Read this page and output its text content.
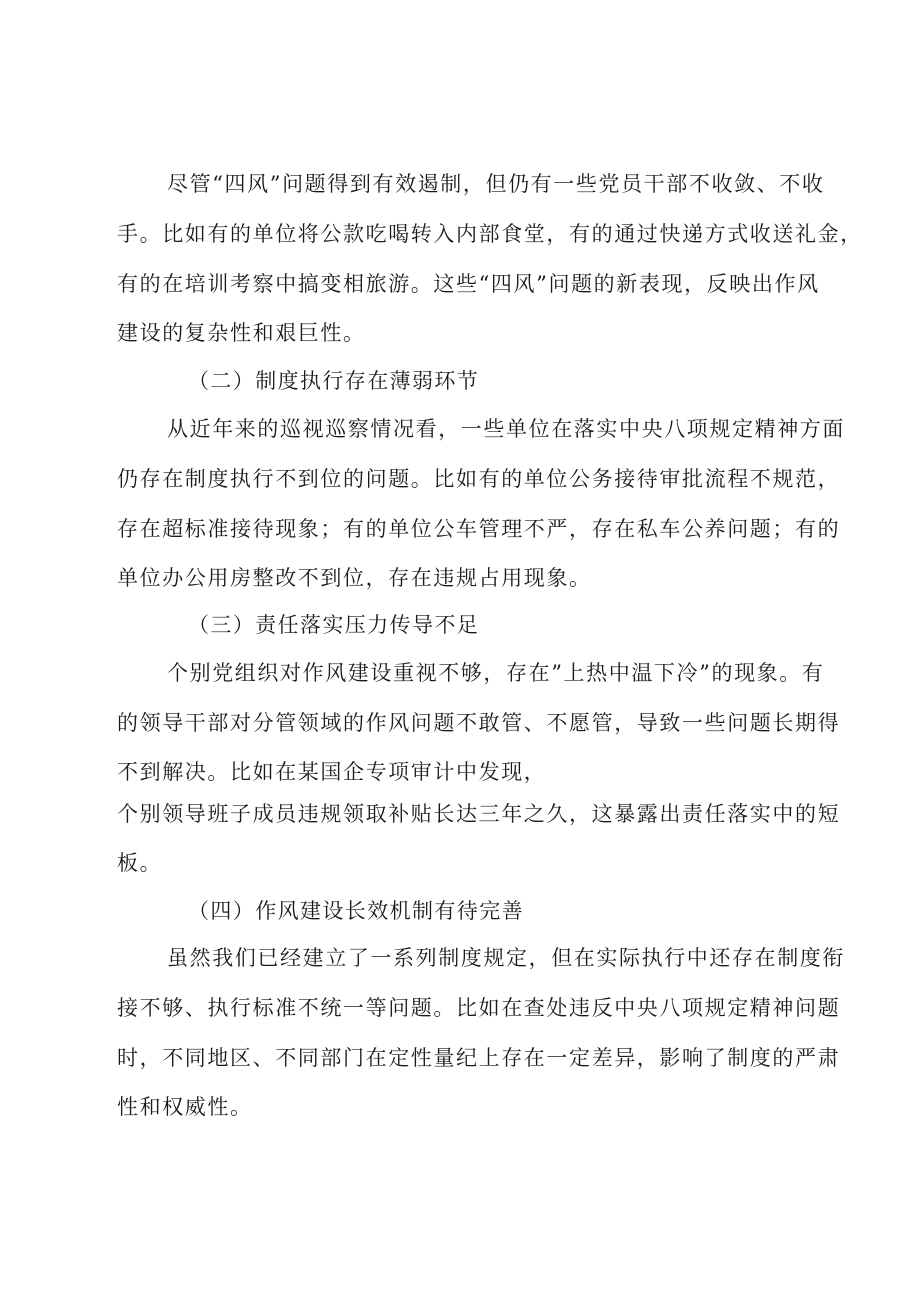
尽管“四风”问题得到有效遏制，但仍有一些党员干部不收敛、不收
手。比如有的单位将公款吃喝转入内部食堂，有的通过快递方式收送礼金，
有的在培训考察中搞变相旅游。这些“四风”问题的新表现，反映出作风
建设的复杂性和艰巨性。
（二）制度执行存在薄弱环节
从近年来的巡视巡察情况看，一些单位在落实中央八项规定精神方面
仍存在制度执行不到位的问题。比如有的单位公务接待审批流程不规范，
存在超标准接待现象；有的单位公车管理不严，存在私车公养问题；有的
单位办公用房整改不到位，存在违规占用现象。
（三）责任落实压力传导不足
个别党组织对作风建设重视不够，存在”上热中温下冷”的现象。有
的领导干部对分管领域的作风问题不敢管、不愿管，导致一些问题长期得
不到解决。比如在某国企专项审计中发现，
个别领导班子成员违规领取补贴长达三年之久，这暴露出责任落实中的短
板。
（四）作风建设长效机制有待完善
虽然我们已经建立了一系列制度规定，但在实际执行中还存在制度衔
接不够、执行标准不统一等问题。比如在查处违反中央八项规定精神问题
时，不同地区、不同部门在定性量纪上存在一定差异，影响了制度的严肃
性和权威性。
